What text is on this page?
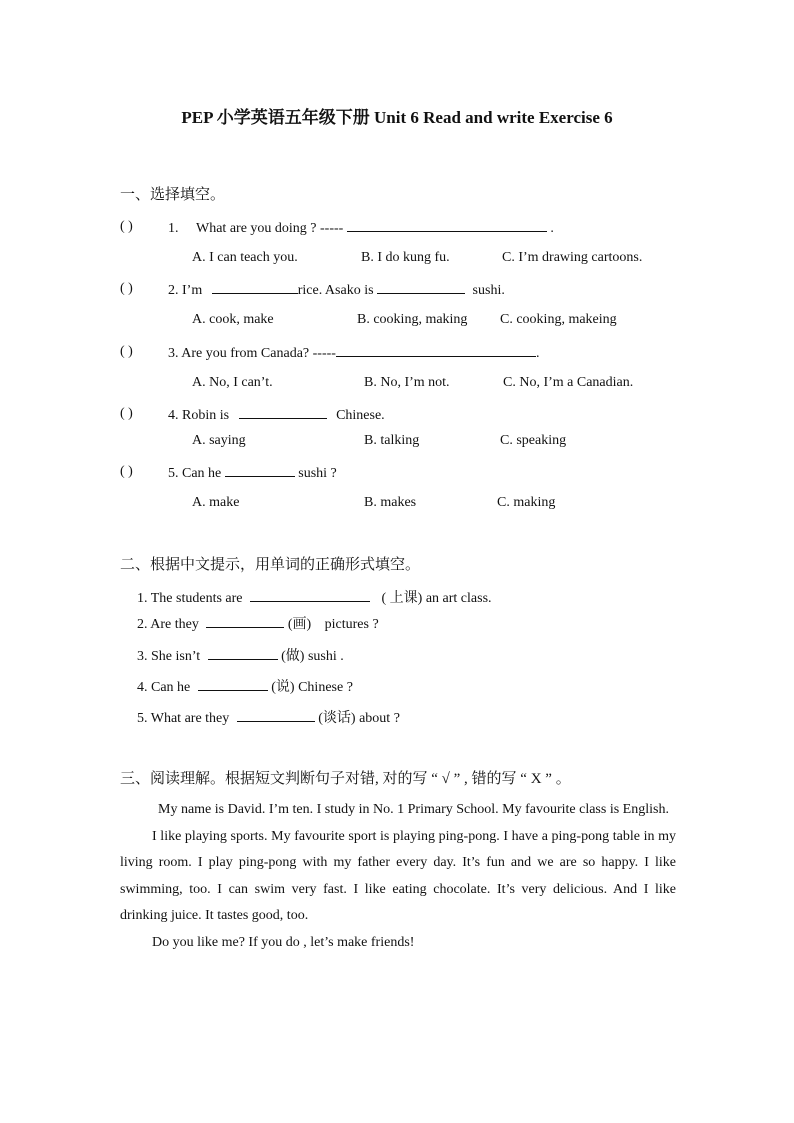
PEP 小学英语五年级下册 Unit 6 Read and write Exercise 6
一、选择填空。
( )	1. What are you doing ? -----	.
A. I can teach you.	B. I do kung fu.	C. I’m drawing cartoons.
( )	2. I’m	rice. Asako is	sushi.
A. cook, make	B. cooking, making C. cooking, makeing
( )	3. Are you from Canada? -----	.
A. No, I can’t.	B. No, I’m not.	C. No, I’m a Canadian.
( )	4. Robin is	Chinese.
A. saying	B. talking	C. speaking
( )	5. Can he	sushi ?
A. make	B. makes	C. making
二、根据中文提示，用单词的正确形式填空。
1. The students are	( 上课) an art class.
2. Are they	(画) pictures ?
3. She isn’t	(做) sushi .
4. Can he	(说) Chinese ?
5. What are they	(谈话) about ?
三、阅读理解。根据短文判断句子对错, 对的写 “ √ ” , 错的写 “ X ” 。

My name is David. I’m ten. I study in No. 1 Primary School. My favourite class is English.

I like playing sports. My favourite sport is playing ping-pong. I have a ping-pong table in my living room. I play ping-pong with my father every day. It’s fun and we are so happy. I like swimming, too. I can swim very fast. I like eating chocolate. It’s very delicious. And I like drinking juice. It tastes good, too.

Do you like me? If you do , let’s make friends!
